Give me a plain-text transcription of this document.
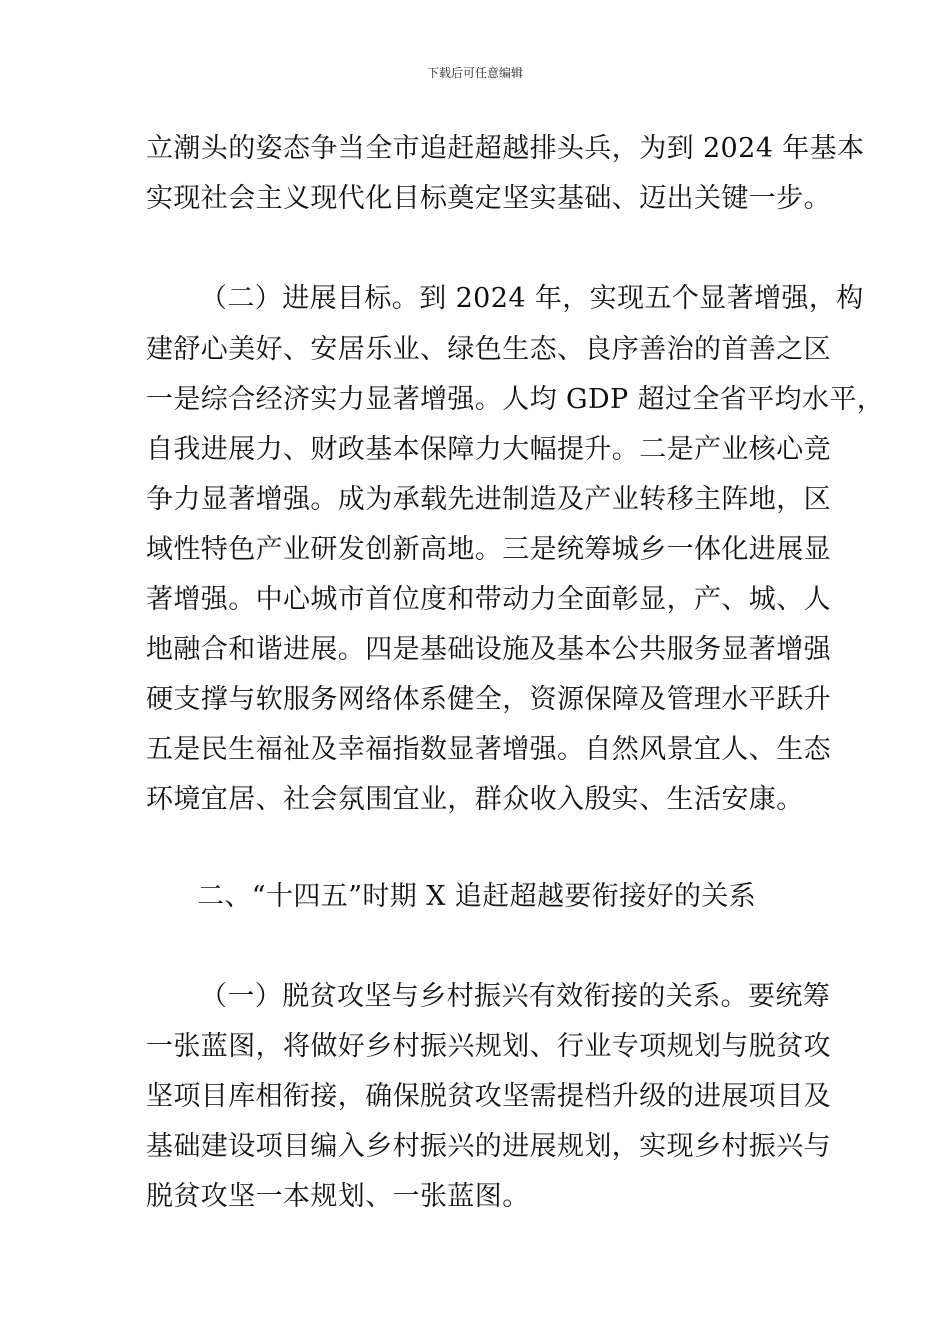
下载后可任意编辑

立潮头的姿态争当全市追赶超越排头兵，为到 2024 年基本

实现社会主义现代化目标奠定坚实基础、迈出关键一步。

（二）进展目标。到 2024 年，实现五个显著增强，构

建舒心美好、安居乐业、绿色生态、良序善治的首善之区

一是综合经济实力显著增强。人均 GDP 超过全省平均水平，

自我进展力、财政基本保障力大幅提升。二是产业核心竞

争力显著增强。成为承载先进制造及产业转移主阵地，区

域性特色产业研发创新高地。三是统筹城乡一体化进展显

著增强。中心城市首位度和带动力全面彰显，产、城、人

地融合和谐进展。四是基础设施及基本公共服务显著增强

硬支撑与软服务网络体系健全，资源保障及管理水平跃升

五是民生福祉及幸福指数显著增强。自然风景宜人、生态

环境宜居、社会氛围宜业，群众收入殷实、生活安康。

二、“十四五”时期 X 追赶超越要衔接好的关系

（一）脱贫攻坚与乡村振兴有效衔接的关系。要统筹

一张蓝图，将做好乡村振兴规划、行业专项规划与脱贫攻

坚项目库相衔接，确保脱贫攻坚需提档升级的进展项目及

基础建设项目编入乡村振兴的进展规划，实现乡村振兴与

脱贫攻坚一本规划、一张蓝图。
